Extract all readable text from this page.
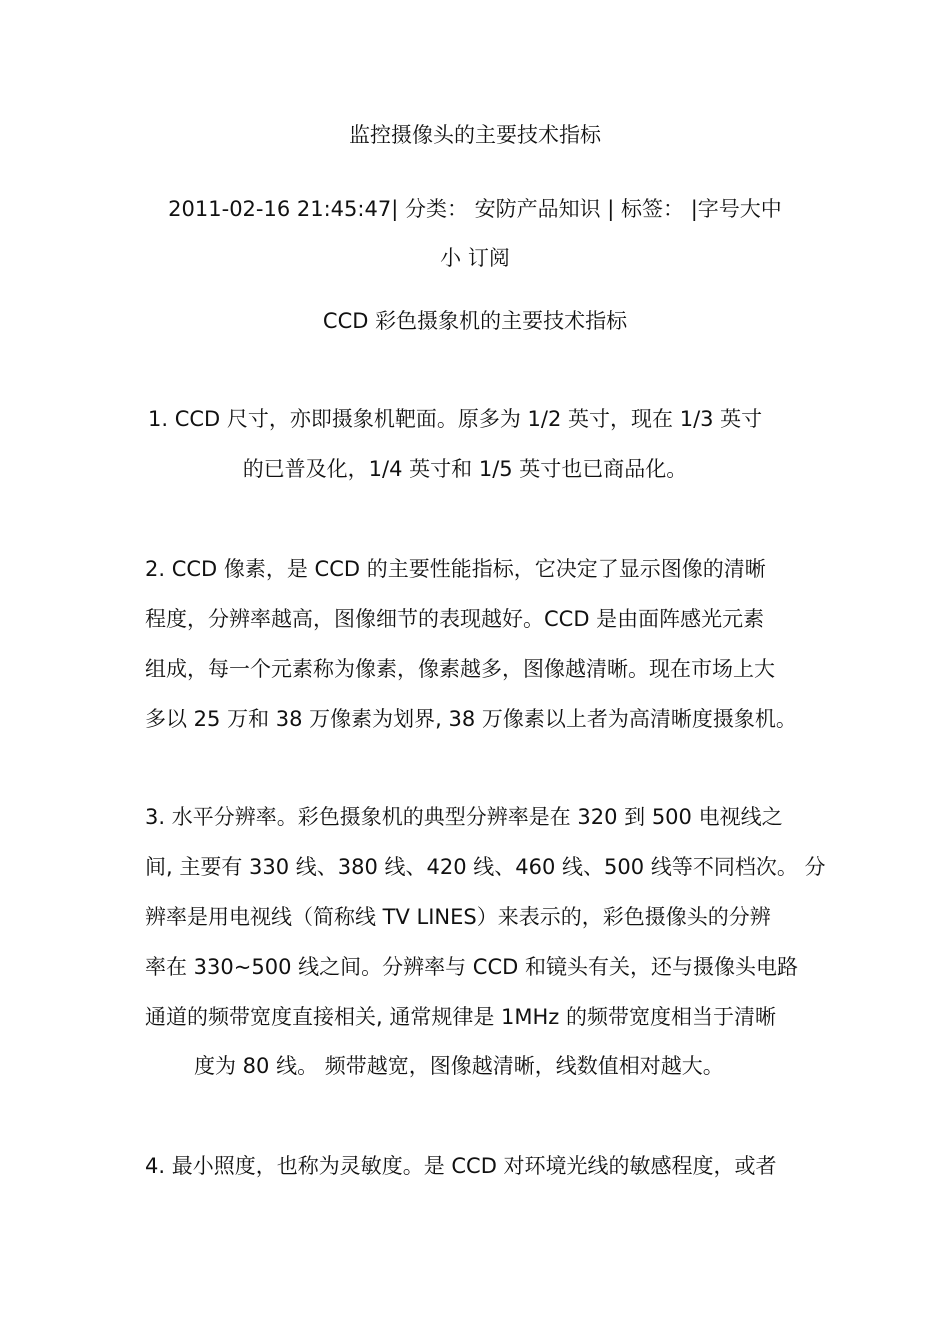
监控摄像头的主要技术指标
2011-02-16 21:45:47| 分类： 安防产品知识 | 标签： |字号大中
小 订阅
CCD 彩色摄象机的主要技术指标
1. CCD 尺寸，亦即摄象机靶面。原多为 1/2 英寸，现在 1/3 英寸
的已普及化，1/4 英寸和 1/5 英寸也已商品化。
2. CCD 像素，是 CCD 的主要性能指标，它决定了显示图像的清晰
程度，分辨率越高，图像细节的表现越好。CCD 是由面阵感光元素
组成，每一个元素称为像素，像素越多，图像越清晰。现在市场上大
多以 25 万和 38 万像素为划界, 38 万像素以上者为高清晰度摄象机。
3. 水平分辨率。彩色摄象机的典型分辨率是在 320 到 500 电视线之
间, 主要有 330 线、380 线、420 线、460 线、500 线等不同档次。 分
辨率是用电视线（简称线 TV LINES）来表示的，彩色摄像头的分辨
率在 330~500 线之间。分辨率与 CCD 和镜头有关，还与摄像头电路
通道的频带宽度直接相关, 通常规律是 1MHz 的频带宽度相当于清晰
度为 80 线。 频带越宽，图像越清晰，线数值相对越大。
4. 最小照度，也称为灵敏度。是 CCD 对环境光线的敏感程度，或者
